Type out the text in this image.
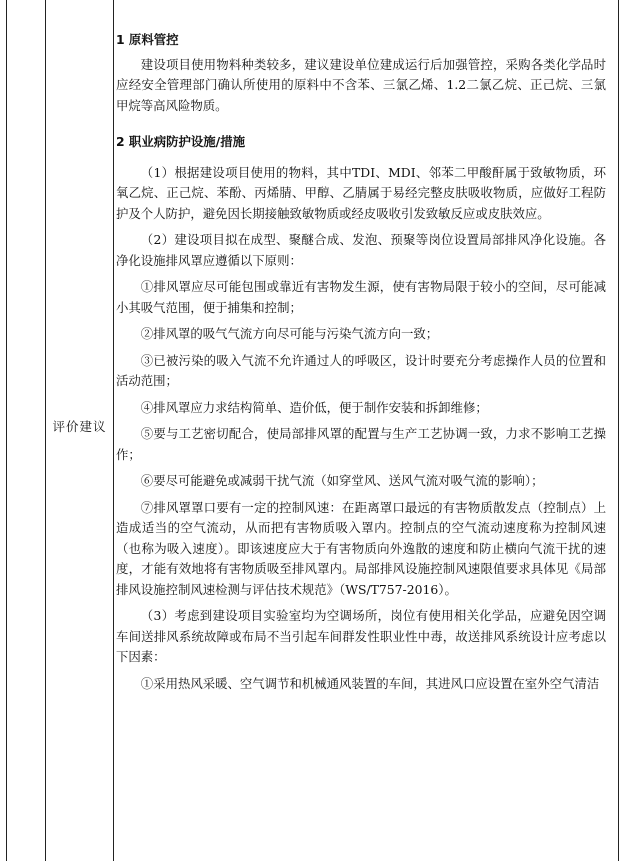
评价建议

1 原料管控

建设项目使用物料种类较多，建议建设单位建成运行后加强管控，采购各类化学品时应经安全管理部门确认所使用的原料中不含苯、三氯乙烯、1.2二氯乙烷、正己烷、三氯甲烷等高风险物质。

2 职业病防护设施/措施

（1）根据建设项目使用的物料，其中TDI、MDI、邻苯二甲酸酐属于致敏物质，环氧乙烷、正己烷、苯酚、丙烯腈、甲醇、乙腈属于易经完整皮肤吸收物质，应做好工程防护及个人防护，避免因长期接触致敏物质或经皮吸收引发致敏反应或皮肤效应。

（2）建设项目拟在成型、聚醚合成、发泡、预聚等岗位设置局部排风净化设施。各净化设施排风罩应遵循以下原则：

①排风罩应尽可能包围或靠近有害物发生源，使有害物局限于较小的空间，尽可能减小其吸气范围，便于捕集和控制；

②排风罩的吸气气流方向尽可能与污染气流方向一致；

③已被污染的吸入气流不允许通过人的呼吸区，设计时要充分考虑操作人员的位置和活动范围；

④排风罩应力求结构简单、造价低，便于制作安装和拆卸维修；

⑤要与工艺密切配合，使局部排风罩的配置与生产工艺协调一致，力求不影响工艺操作；

⑥要尽可能避免或减弱干扰气流（如穿堂风、送风气流对吸气流的影响）；

⑦排风罩罩口要有一定的控制风速：在距离罩口最远的有害物质散发点（控制点）上造成适当的空气流动，从而把有害物质吸入罩内。控制点的空气流动速度称为控制风速（也称为吸入速度）。即该速度应大于有害物质向外逸散的速度和防止横向气流干扰的速度，才能有效地将有害物质吸至排风罩内。局部排风设施控制风速限值要求具体见《局部排风设施控制风速检测与评估技术规范》（WS/T757-2016）。

（3）考虑到建设项目实验室均为空调场所，岗位有使用相关化学品，应避免因空调车间送排风系统故障或布局不当引起车间群发性职业性中毒，故送排风系统设计应考虑以下因素：

①采用热风采暖、空气调节和机械通风装置的车间，其进风口应设置在室外空气清洁
